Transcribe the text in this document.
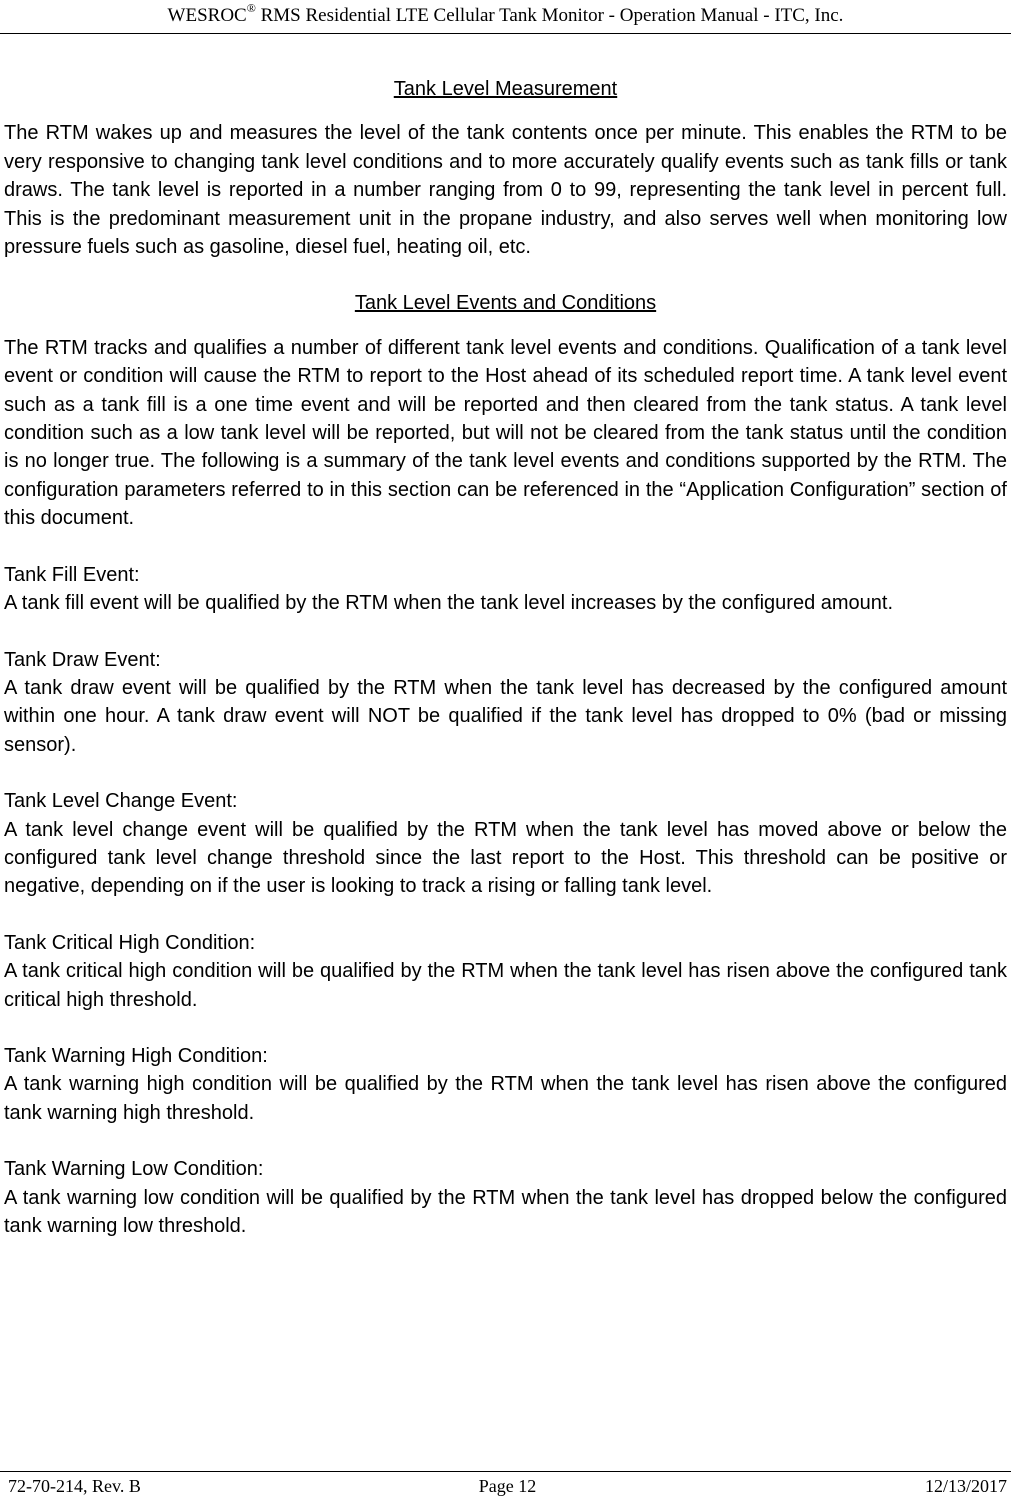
WESROC® RMS Residential LTE Cellular Tank Monitor - Operation Manual - ITC, Inc.
Tank Level Measurement

The RTM wakes up and measures the level of the tank contents once per minute. This enables the RTM to be very responsive to changing tank level conditions and to more accurately qualify events such as tank fills or tank draws. The tank level is reported in a number ranging from 0 to 99, representing the tank level in percent full. This is the predominant measurement unit in the propane industry, and also serves well when monitoring low pressure fuels such as gasoline, diesel fuel, heating oil, etc.

Tank Level Events and Conditions

The RTM tracks and qualifies a number of different tank level events and conditions. Qualification of a tank level event or condition will cause the RTM to report to the Host ahead of its scheduled report time. A tank level event such as a tank fill is a one time event and will be reported and then cleared from the tank status. A tank level condition such as a low tank level will be reported, but will not be cleared from the tank status until the condition is no longer true. The following is a summary of the tank level events and conditions supported by the RTM. The configuration parameters referred to in this section can be referenced in the “Application Configuration” section of this document.

Tank Fill Event:
A tank fill event will be qualified by the RTM when the tank level increases by the configured amount.
Tank Draw Event:
A tank draw event will be qualified by the RTM when the tank level has decreased by the configured amount within one hour. A tank draw event will NOT be qualified if the tank level has dropped to 0% (bad or missing sensor).
Tank Level Change Event:
A tank level change event will be qualified by the RTM when the tank level has moved above or below the configured tank level change threshold since the last report to the Host. This threshold can be positive or negative, depending on if the user is looking to track a rising or falling tank level.
Tank Critical High Condition:
A tank critical high condition will be qualified by the RTM when the tank level has risen above the configured tank critical high threshold.
Tank Warning High Condition:
A tank warning high condition will be qualified by the RTM when the tank level has risen above the configured tank warning high threshold.
Tank Warning Low Condition:
A tank warning low condition will be qualified by the RTM when the tank level has dropped below the configured tank warning low threshold.
72-70-214, Rev. B	Page 12	12/13/2017
